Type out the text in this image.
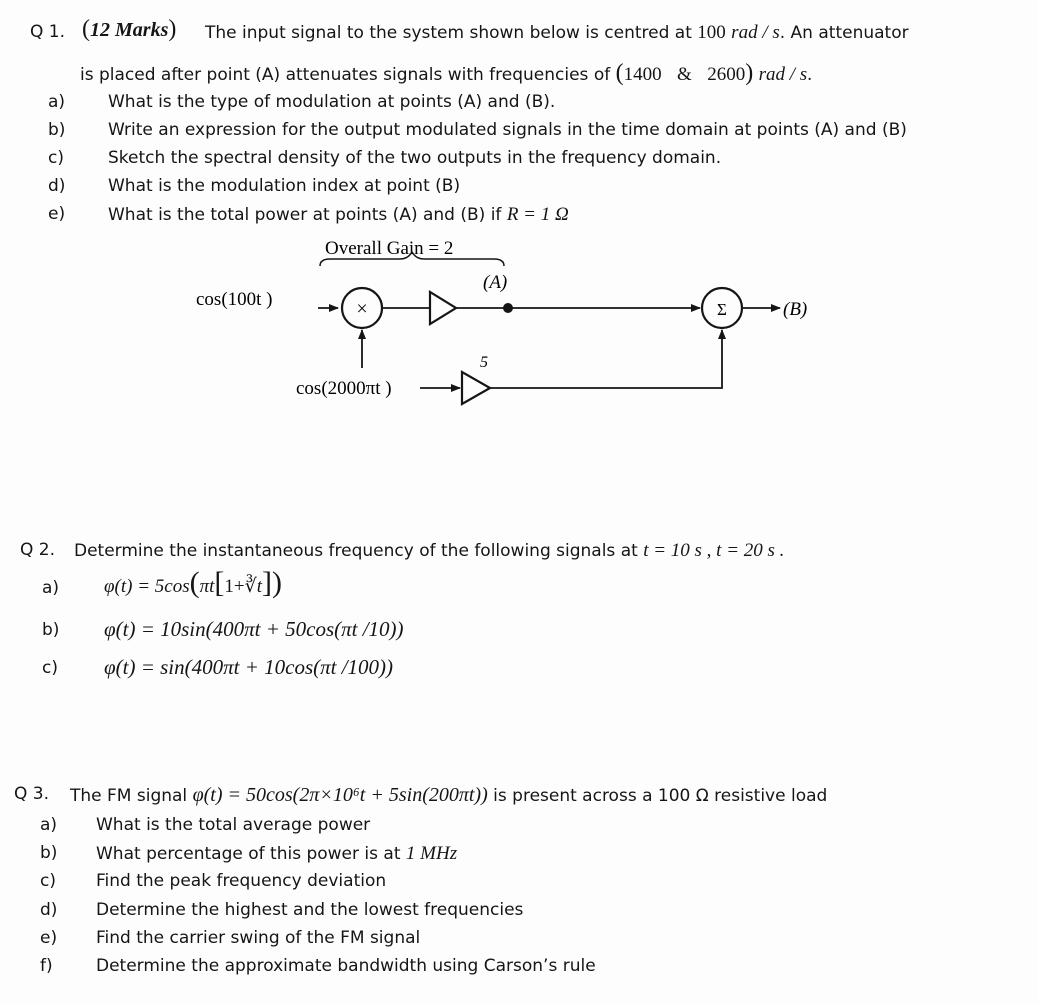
Q 1. (12 Marks) The input signal to the system shown below is centred at 100 rad / s. An attenuator
is placed after point (A) attenuates signals with frequencies of (1400 & 2600) rad / s.
a)	What is the type of modulation at points (A) and (B).
b)	Write an expression for the output modulated signals in the time domain at points (A) and (B)
c)	Sketch the spectral density of the two outputs in the frequency domain.
d)	What is the modulation index at point (B)
e)	What is the total power at points (A) and (B) if R = 1 Ω
Overall Gain = 2
cos(100t )	×
(A)
Σ	(B)
cos(2000πt )
5
Q 2. Determine the instantaneous frequency of the following signals at t = 10 s , t = 20 s .
a) φ(t) = 5cos(πt[1+∛t])
b) φ(t) = 10sin(400πt + 50cos(πt /10))
c) φ(t) = sin(400πt + 10cos(πt /100))
Q 3. The FM signal φ(t) = 50cos(2π×10⁶t + 5sin(200πt)) is present across a 100 Ω resistive load
a) What is the total average power
b) What percentage of this power is at 1 MHz
c) Find the peak frequency deviation
d) Determine the highest and the lowest frequencies
e) Find the carrier swing of the FM signal
f)	Determine the approximate bandwidth using Carson’s rule
